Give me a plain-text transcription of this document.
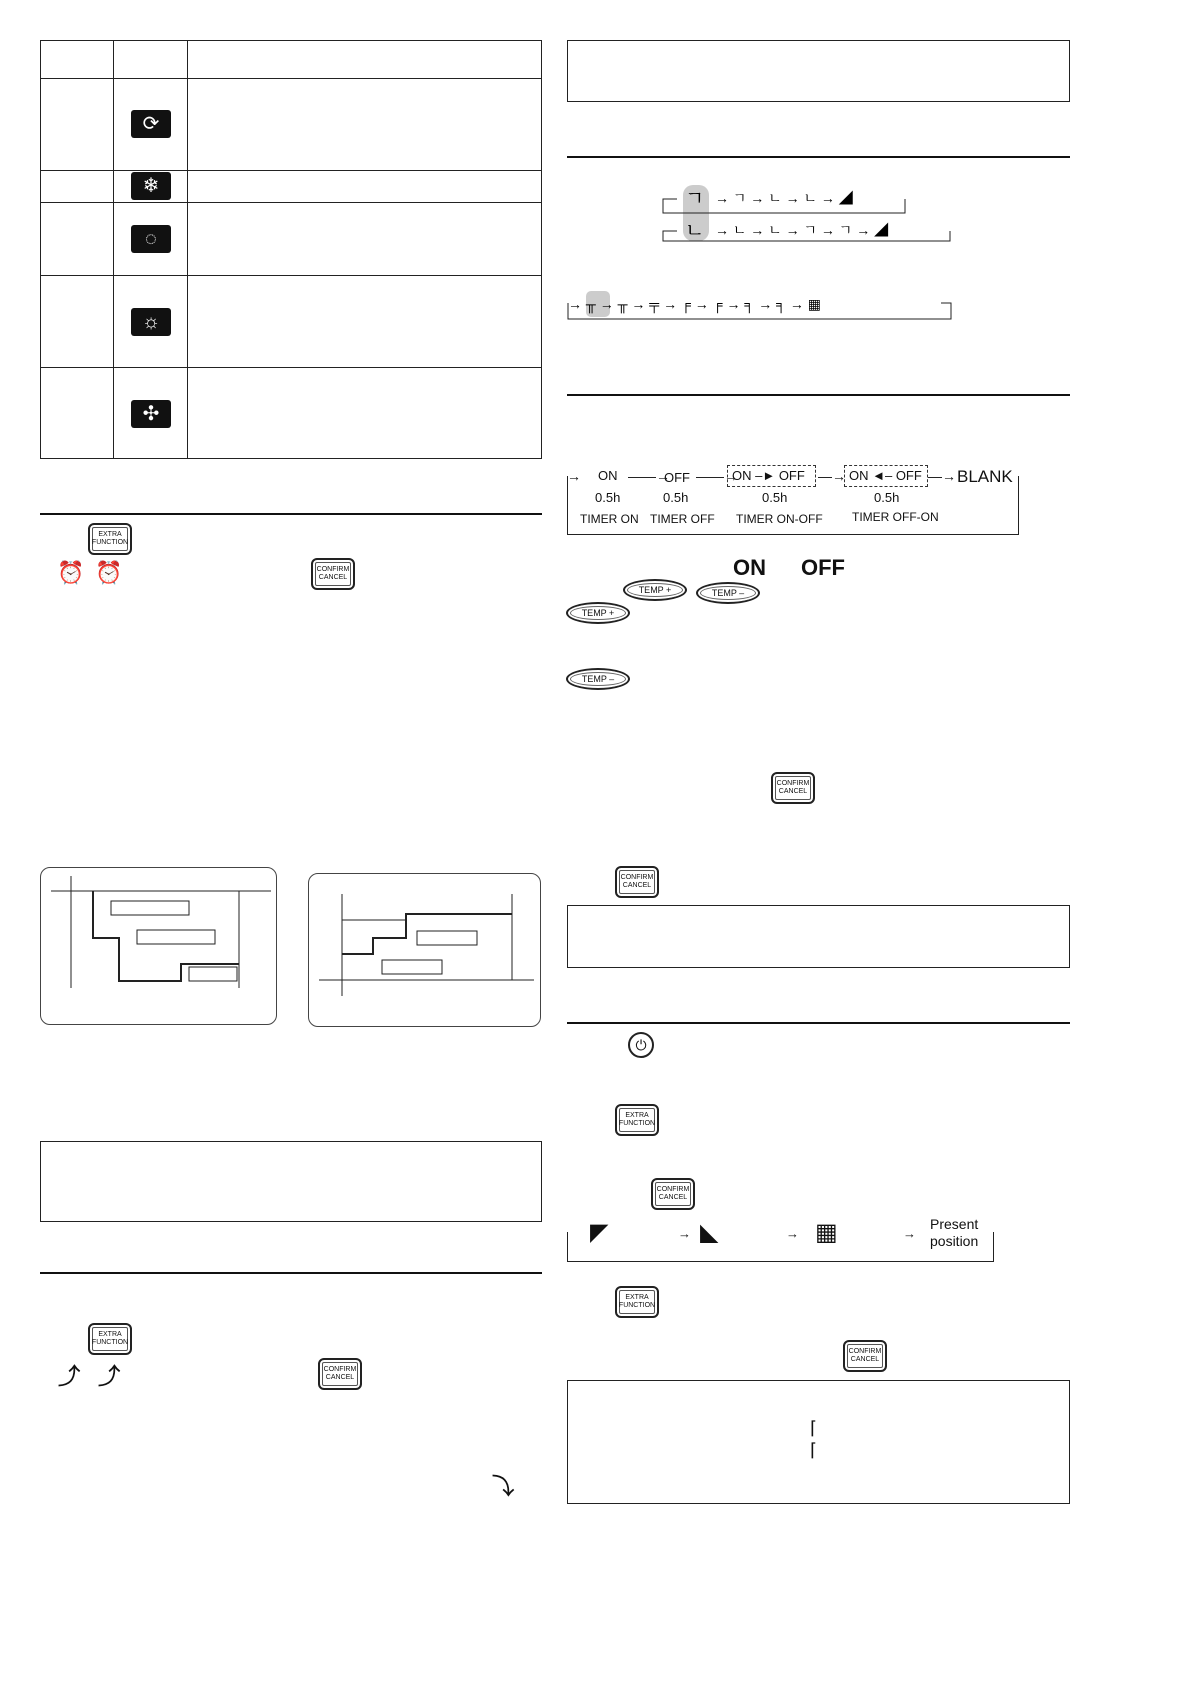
⟳
❄
◌
☼
✣
EXTRA
FUNCTION
⏰ ⏰	CONFIRM
CANCEL
EXTRA
FUNCTION
⤴ ⤴	CONFIRM
CANCEL
⤵
ㄱ → ㄱ → ㄴ → ㄴ → ◢
ㄴ → ㄴ → ㄴ → ㄱ → ㄱ → ◢
→ ╥ → ╥ → ╤ → ╒ → ╒ → ╕ → ╕ → ▦
→ ON ——→
OFF ——→
ON –► OFF —→ ON ◄– OFF —→ BLANK
0.5h	0.5h	0.5h	0.5h
TIMER ON TIMER OFF TIMER ON-OFF TIMER OFF-ON
ON OFF
TEMP +	TEMP –
TEMP +
TEMP –
CONFIRM
CANCEL
CONFIRM
CANCEL
⏻
EXTRA
FUNCTION
CONFIRM
CANCEL
◤	→ ◣	→ ▦	→
Present
position
EXTRA
FUNCTION
CONFIRM
CANCEL
⌈
⌈
